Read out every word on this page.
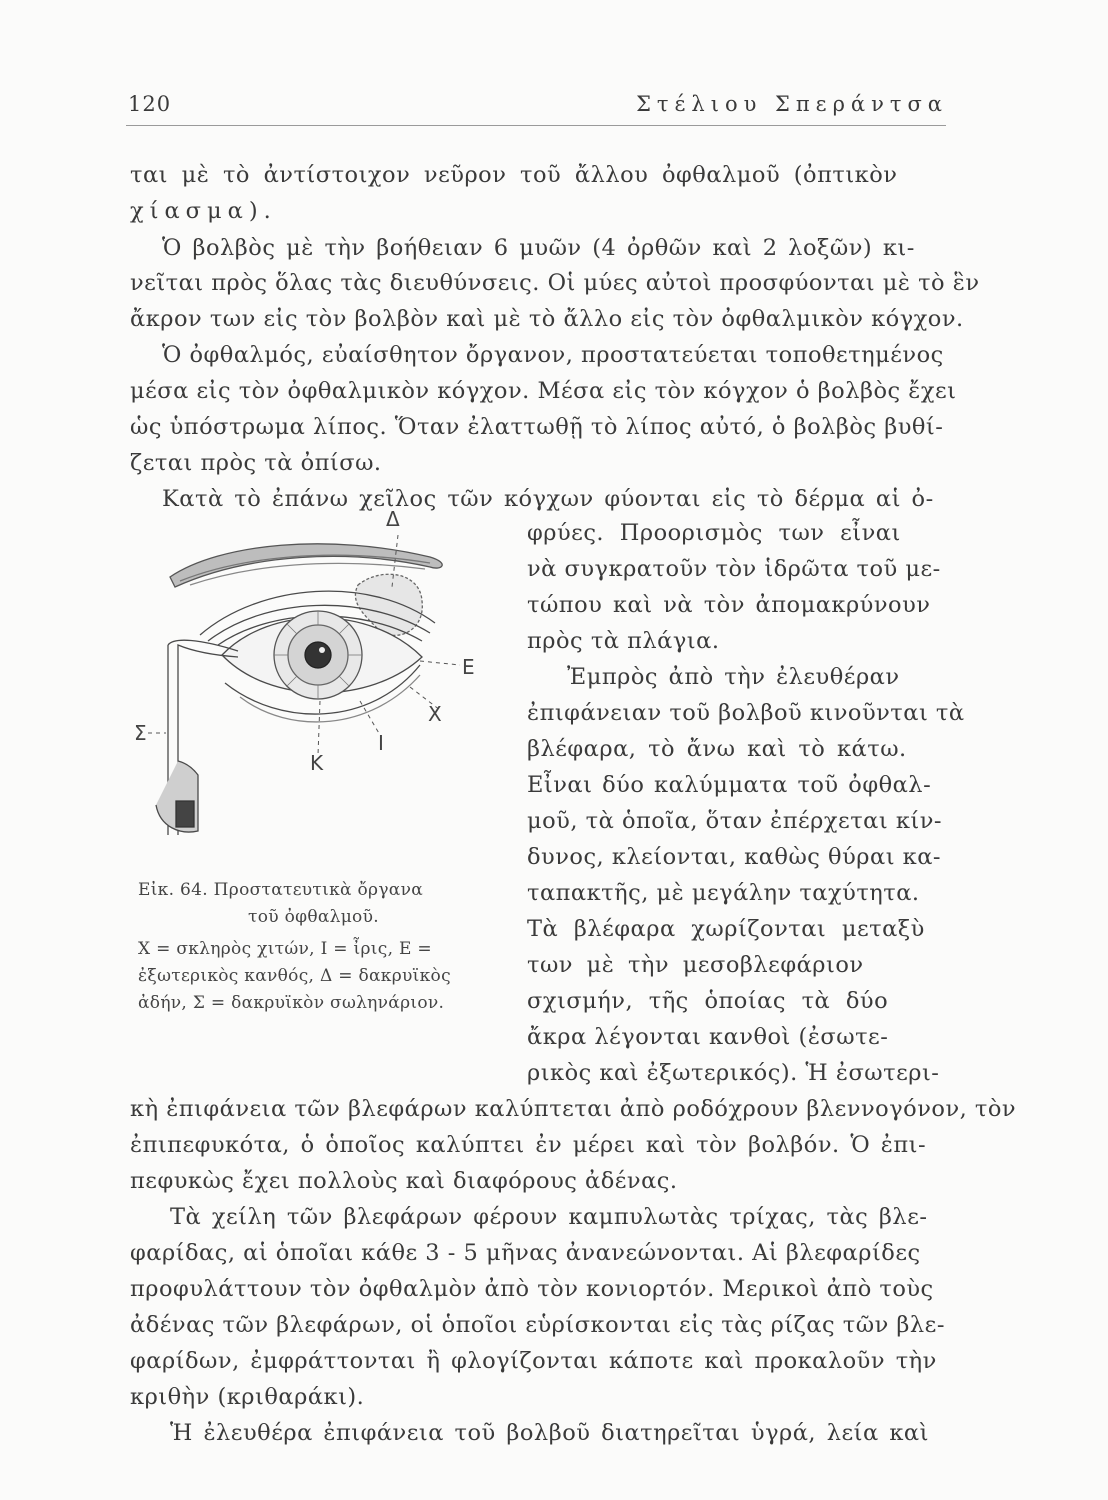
120	Στέλιου Σπεράντσα
ται μὲ τὸ ἀντίστοιχον νεῦρον τοῦ ἄλλου ὀφθαλμοῦ (ὀπτικὸν
χίασμα).
Ὁ βολβὸς μὲ τὴν βοήθειαν 6 μυῶν (4 ὀρθῶν καὶ 2 λοξῶν) κι-
νεῖται πρὸς ὅλας τὰς διευθύνσεις. Οἱ μύες αὐτοὶ προσφύονται μὲ τὸ ἓν
ἄκρον των εἰς τὸν βολβὸν καὶ μὲ τὸ ἄλλο εἰς τὸν ὀφθαλμικὸν κόγχον.
Ὁ ὀφθαλμός, εὐαίσθητον ὄργανον, προστατεύεται τοποθετημένος
μέσα εἰς τὸν ὀφθαλμικὸν κόγχον. Μέσα εἰς τὸν κόγχον ὁ βολβὸς ἔχει
ὡς ὑπόστρωμα λίπος. Ὅταν ἐλαττωθῇ τὸ λίπος αὐτό, ὁ βολβὸς βυθί-
ζεται πρὸς τὰ ὀπίσω.
Κατὰ τὸ ἐπάνω χεῖλος τῶν κόγχων φύονται εἰς τὸ δέρμα αἱ ὀ-
φρύες. Προορισμὸς των εἶναι
νὰ συγκρατοῦν τὸν ἱδρῶτα τοῦ με-
τώπου καὶ νὰ τὸν ἀπομακρύνουν
πρὸς τὰ πλάγια.
Ἐμπρὸς ἀπὸ τὴν ἐλευθέραν
ἐπιφάνειαν τοῦ βολβοῦ κινοῦνται τὰ
βλέφαρα, τὸ ἄνω καὶ τὸ κάτω.
Εἶναι δύο καλύμματα τοῦ ὀφθαλ-
μοῦ, τὰ ὁποῖα, ὅταν ἐπέρχεται κίν-
δυνος, κλείονται, καθὼς θύραι κα-
ταπακτῆς, μὲ μεγάλην ταχύτητα.
Τὰ βλέφαρα χωρίζονται μεταξὺ
των μὲ τὴν μεσοβλεφάριον
σχισμήν, τῆς ὁποίας τὰ δύο
ἄκρα λέγονται κανθοὶ (ἐσωτε-
ρικὸς καὶ ἐξωτερικός). Ἡ ἐσωτερι-
Δ
E
X
Σ
K
I
Εἰκ. 64. Προστατευτικὰ ὄργανα
τοῦ ὀφθαλμοῦ.
X = σκληρὸς χιτών, I = ἶρις, E =
ἐξωτερικὸς κανθός, Δ = δακρυϊκὸς
ἀδήν, Σ = δακρυϊκὸν σωληνάριον.
κὴ ἐπιφάνεια τῶν βλεφάρων καλύπτεται ἀπὸ ροδόχρουν βλεννογόνον, τὸν
ἐπιπεφυκότα, ὁ ὁποῖος καλύπτει ἐν μέρει καὶ τὸν βολβόν. Ὁ ἐπι-
πεφυκὼς ἔχει πολλοὺς καὶ διαφόρους ἀδένας.
Τὰ χείλη τῶν βλεφάρων φέρουν καμπυλωτὰς τρίχας, τὰς βλε-
φαρίδας, αἱ ὁποῖαι κάθε 3 - 5 μῆνας ἀνανεώνονται. Αἱ βλεφαρίδες
προφυλάττουν τὸν ὀφθαλμὸν ἀπὸ τὸν κονιορτόν. Μερικοὶ ἀπὸ τοὺς
ἀδένας τῶν βλεφάρων, οἱ ὁποῖοι εὑρίσκονται εἰς τὰς ρίζας τῶν βλε-
φαρίδων, ἐμφράττονται ἢ φλογίζονται κάποτε καὶ προκαλοῦν τὴν
κριθὴν (κριθαράκι).
Ἡ ἐλευθέρα ἐπιφάνεια τοῦ βολβοῦ διατηρεῖται ὑγρά, λεία καὶ
